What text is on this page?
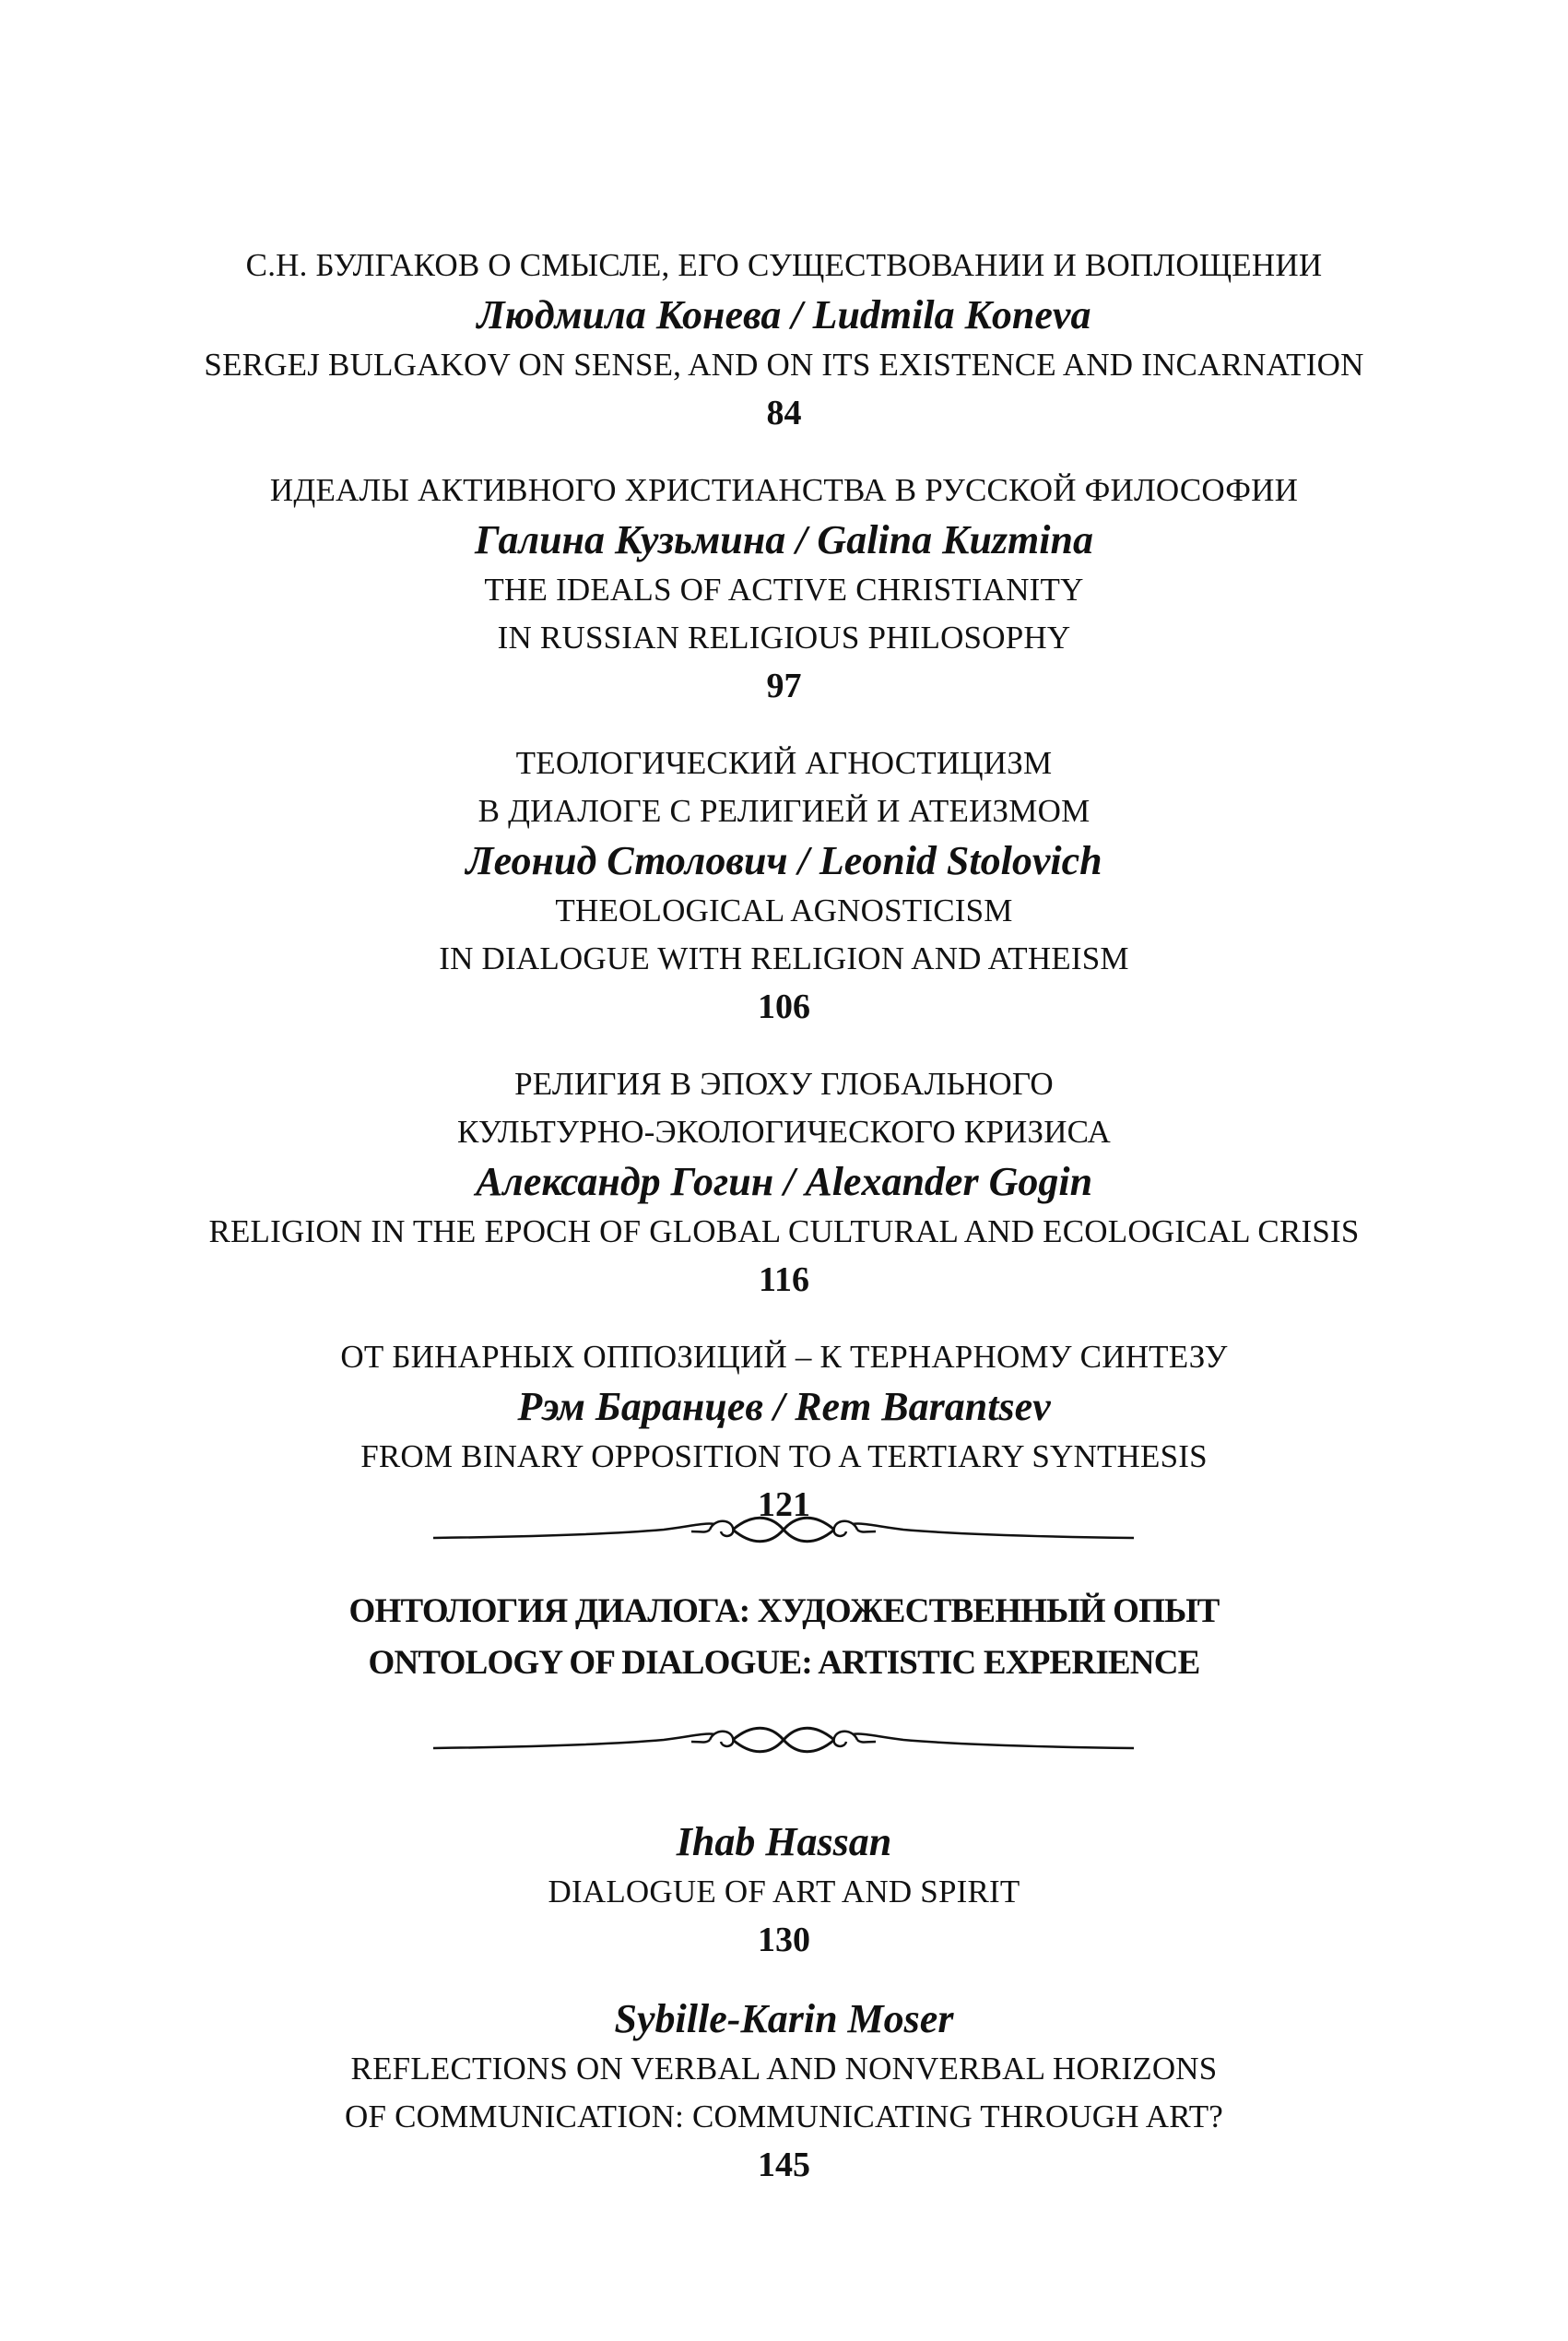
С.Н. БУЛГАКОВ О СМЫСЛЕ, ЕГО СУЩЕСТВОВАНИИ И ВОПЛОЩЕНИИ
Людмила Конева / Ludmila Koneva
SERGEJ BULGAKOV ON SENSE, AND ON ITS EXISTENCE AND INCARNATION
84
ИДЕАЛЫ АКТИВНОГО ХРИСТИАНСТВА В РУССКОЙ ФИЛОСОФИИ
Галина Кузьмина / Galina Kuzmina
THE IDEALS OF ACTIVE CHRISTIANITY
IN RUSSIAN RELIGIOUS PHILOSOPHY
97
ТЕОЛОГИЧЕСКИЙ АГНОСТИЦИЗМ
В ДИАЛОГЕ С РЕЛИГИЕЙ И АТЕИЗМОМ
Леонид Столович / Leonid Stolovich
THEOLOGICAL AGNOSTICISM
IN DIALOGUE WITH RELIGION AND ATHEISM
106
РЕЛИГИЯ В ЭПОХУ ГЛОБАЛЬНОГО
КУЛЬТУРНО-ЭКОЛОГИЧЕСКОГО КРИЗИСА
Александр Гогин / Alexander Gogin
RELIGION IN THE EPOCH OF GLOBAL CULTURAL AND ECOLOGICAL CRISIS
116
ОТ БИНАРНЫХ ОППОЗИЦИЙ – К ТЕРНАРНОМУ СИНТЕЗУ
Рэм Баранцев / Rem Barantsev
FROM BINARY OPPOSITION TO A TERTIARY SYNTHESIS
121
ОНТОЛОГИЯ ДИАЛОГА: ХУДОЖЕСТВЕННЫЙ ОПЫТ
ONTOLOGY OF DIALOGUE: ARTISTIC EXPERIENCE
Ihab Hassan
DIALOGUE OF ART AND SPIRIT
130
Sybille-Karin Moser
REFLECTIONS ON VERBAL AND NONVERBAL HORIZONS
OF COMMUNICATION: COMMUNICATING THROUGH ART?
145
